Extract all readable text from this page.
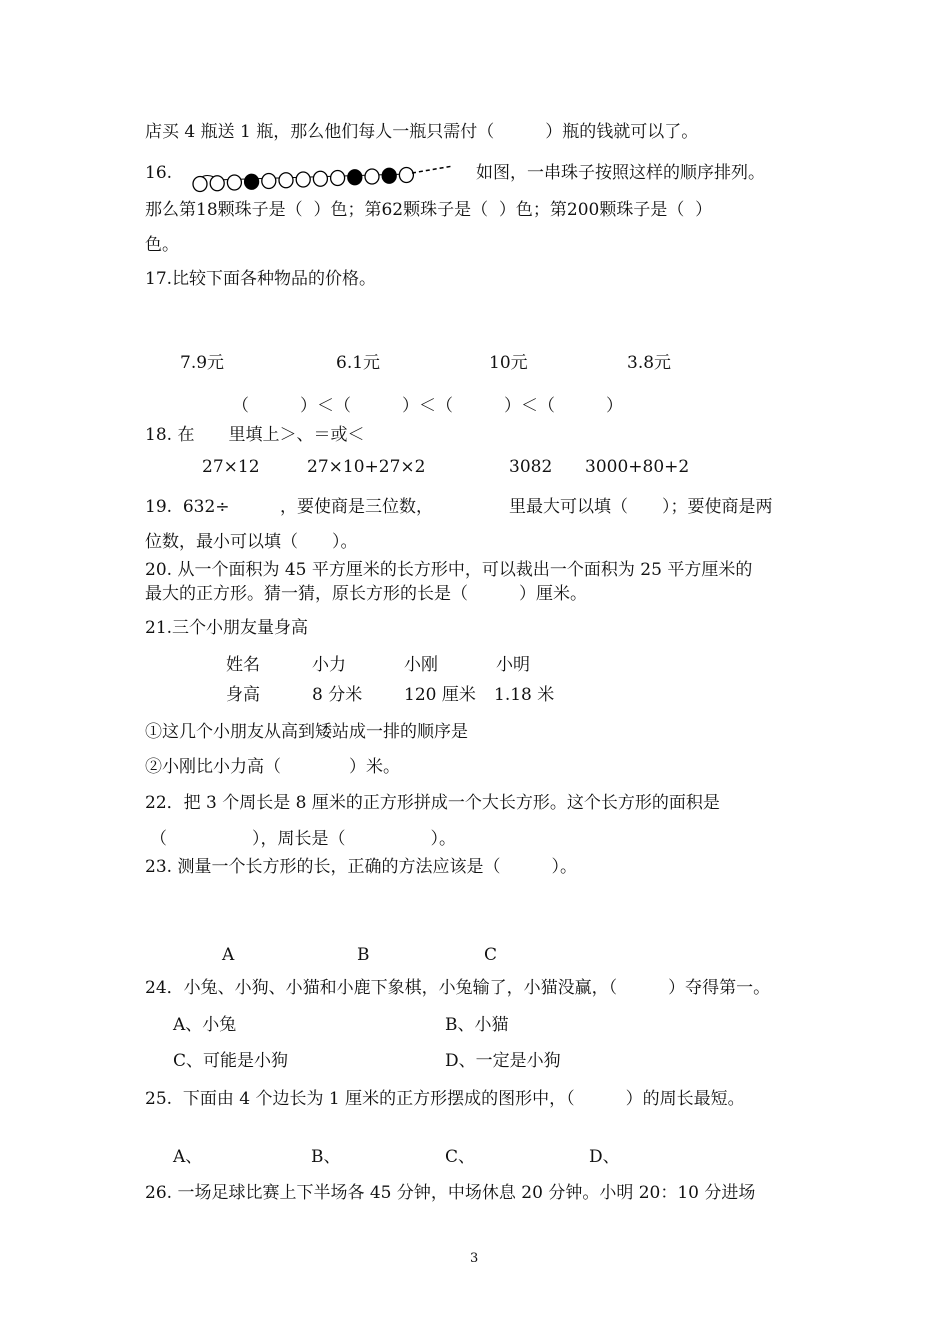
店买 4 瓶送 1 瓶，那么他们每人一瓶只需付（　　　）瓶的钱就可以了。
16.	如图，一串珠子按照这样的顺序排列。
那么第18颗珠子是（  ）色；第62颗珠子是（  ）色；第200颗珠子是（  ）
色。
17.比较下面各种物品的价格。
7.9元	6.1元	10元	3.8元
（　　　）＜（　　　）＜（　　　）＜（　　　）
18. 在　　里填上＞、＝或＜
27×12	27×10+27×2	3082 3000+80+2
19.  632÷	，要使商是三位数，	里最大可以填（　　）；要使商是两
位数，最小可以填（　　）。
20. 从一个面积为 45 平方厘米的长方形中，可以裁出一个面积为 25 平方厘米的
最大的正方形。猜一猜，原长方形的长是（　　　）厘米。
21.三个小朋友量身高
姓名	小力	小刚	小明
身高	8 分米 120 厘米 1.18 米
①这几个小朋友从高到矮站成一排的顺序是
②小刚比小力高（　　　　）米。
22．把 3 个周长是 8 厘米的正方形拼成一个大长方形。这个长方形的面积是
（　　　　　），周长是（　　　　　）。
23. 测量一个长方形的长，正确的方法应该是（　　　）。
A	B	C
24．小兔、小狗、小猫和小鹿下象棋，小兔输了，小猫没赢，（　　　）夺得第一。
A、小兔	B、小猫
C、可能是小狗	D、一定是小狗
25.  下面由 4 个边长为 1 厘米的正方形摆成的图形中，（　　　）的周长最短。
A、	B、	C、	D、
26. 一场足球比赛上下半场各 45 分钟，中场休息 20 分钟。小明 20：10 分进场
3
